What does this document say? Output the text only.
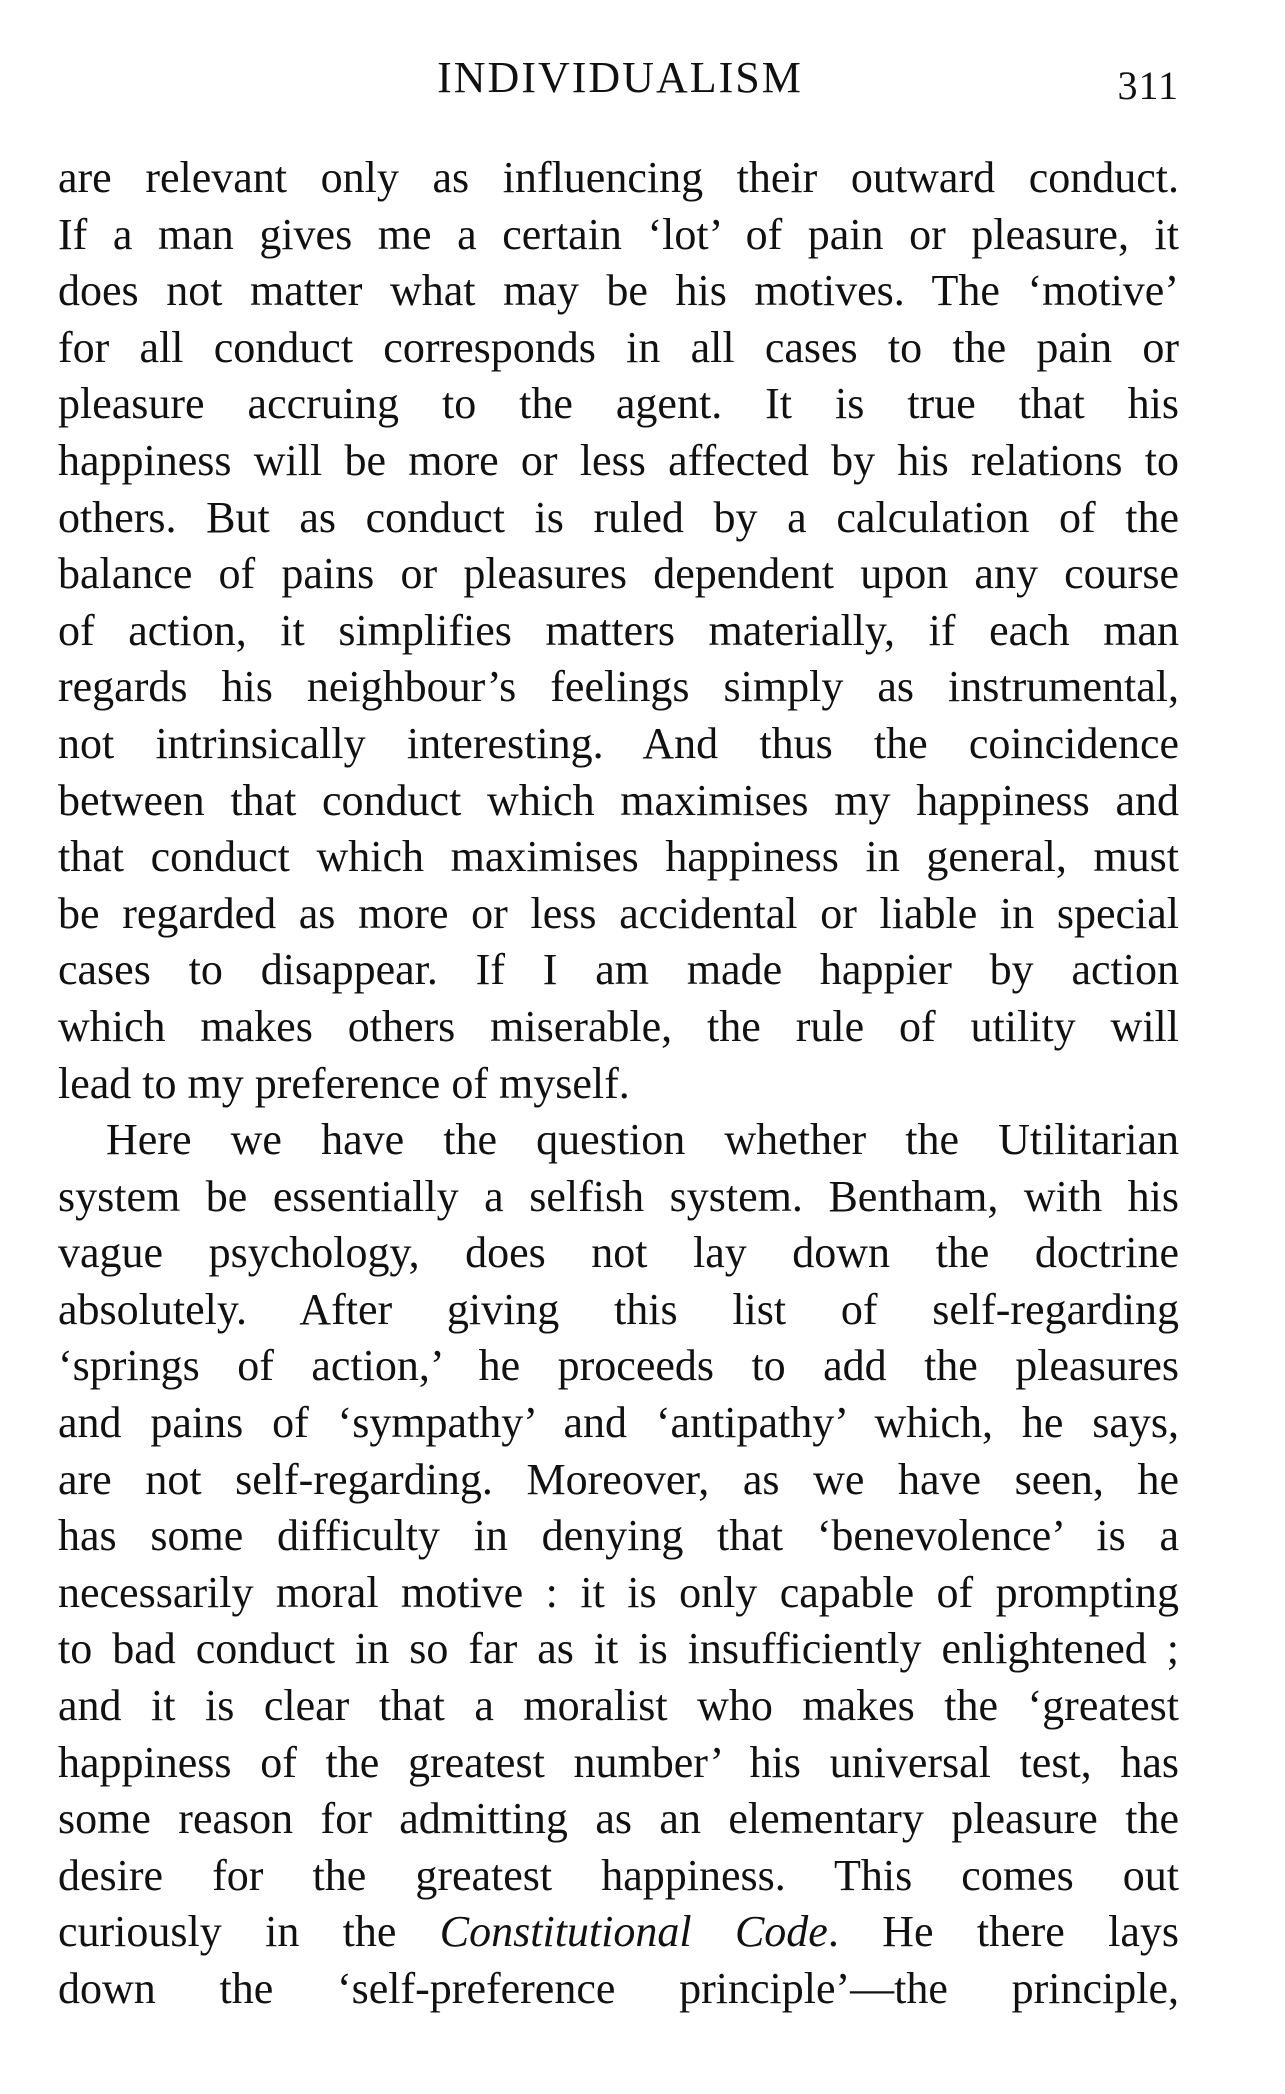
INDIVIDUALISM	311
are relevant only as influencing their outward conduct.
If a man gives me a certain ‘lot’ of pain or pleasure, it
does not matter what may be his motives. The ‘motive’
for all conduct corresponds in all cases to the pain or
pleasure accruing to the agent. It is true that his
happiness will be more or less affected by his relations to
others. But as conduct is ruled by a calculation of the
balance of pains or pleasures dependent upon any course
of action, it simplifies matters materially, if each man
regards his neighbour’s feelings simply as instrumental,
not intrinsically interesting. And thus the coincidence
between that conduct which maximises my happiness and
that conduct which maximises happiness in general, must
be regarded as more or less accidental or liable in special
cases to disappear. If I am made happier by action
which makes others miserable, the rule of utility will
lead to my preference of myself.
Here we have the question whether the Utilitarian
system be essentially a selfish system. Bentham, with his
vague psychology, does not lay down the doctrine
absolutely. After giving this list of self-regarding
‘springs of action,’ he proceeds to add the pleasures
and pains of ‘sympathy’ and ‘antipathy’ which, he says,
are not self-regarding. Moreover, as we have seen, he
has some difficulty in denying that ‘benevolence’ is a
necessarily moral motive : it is only capable of prompting
to bad conduct in so far as it is insufficiently enlightened ;
and it is clear that a moralist who makes the ‘greatest
happiness of the greatest number’ his universal test, has
some reason for admitting as an elementary pleasure the
desire for the greatest happiness. This comes out
curiously in the Constitutional Code. He there lays
down the ‘self-preference principle’—the principle,
